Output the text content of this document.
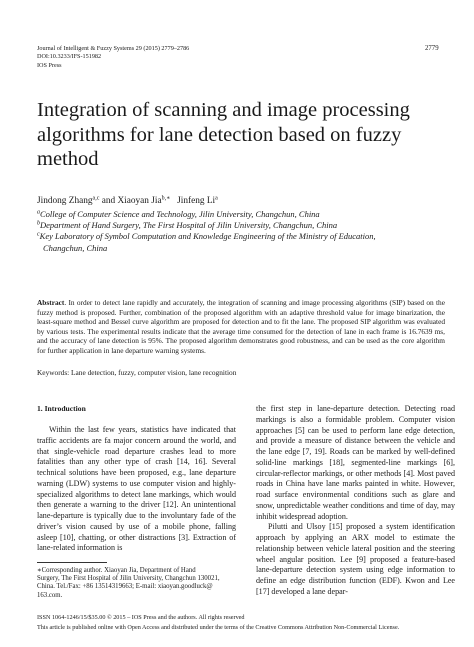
Journal of Intelligent & Fuzzy Systems 29 (2015) 2779–2786
DOI:10.3233/IFS-151982
IOS Press
2779
Integration of scanning and image processing algorithms for lane detection based on fuzzy method
Jindong Zhang$^{a,c}$ and Xiaoyan Jia$^{b,∗}$ Jinfeng Li$^a$
$^a$College of Computer Science and Technology, Jilin University, Changchun, China
$^b$Department of Hand Surgery, The First Hospital of Jilin University, Changchun, China
$^c$Key Laboratory of Symbol Computation and Knowledge Engineering of the Ministry of Education,
Changchun, China
Abstract. In order to detect lane rapidly and accurately, the integration of scanning and image processing algorithms (SIP) based on the fuzzy method is proposed. Further, combination of the proposed algorithm with an adaptive threshold value for image binarization, the least-square method and Bessel curve algorithm are proposed for detection and to fit the lane. The proposed SIP algorithm was evaluated by various tests. The experimental results indicate that the average time consumed for the detection of lane in each frame is 16.7639 ms, and the accuracy of lane detection is 95%. The proposed algorithm demonstrates good robustness, and can be used as the core algorithm for further application in lane departure warning systems.
Keywords: Lane detection, fuzzy, computer vision, lane recognition
1. Introduction

Within the last few years, statistics have indicated that traffic accidents are fa major concern around the world, and that single-vehicle road departure crashes lead to more fatalities than any other type of crash [14, 16]. Several technical solutions have been proposed, e.g., lane departure warning (LDW) systems to use computer vision and highly-specialized algorithms to detect lane markings, which would then generate a warning to the driver [12]. An unintentional lane-departure is typically due to the involuntary fade of the driver’s vision caused by use of a mobile phone, falling asleep [10], chatting, or other distractions [3]. Extraction of lane-related information is

the first step in lane-departure detection. Detecting road markings is also a formidable problem. Computer vision approaches [5] can be used to perform lane edge detection, and provide a measure of distance between the vehicle and the lane edge [7, 19]. Roads can be marked by well-defined solid-line markings [18], segmented-line markings [6], circular-reflector markings, or other methods [4]. Most paved roads in China have lane marks painted in white. However, road surface environmental conditions such as glare and snow, unpredictable weather conditions and time of day, may inhibit widespread adoption.

Pilutti and Ulsoy [15] proposed a system identification approach by applying an ARX model to estimate the relationship between vehicle lateral position and the steering wheel angular position. Lee [9] proposed a feature-based lane-departure detection system using edge information to define an edge distribution function (EDF). Kwon and Lee [17] developed a lane depar-

∗Corresponding author. Xiaoyan Jia, Department of Hand
Surgery, The First Hospital of Jilin University, Changchun 130021,
China. Tel./Fax: +86 13514319663; E-mail: xiaoyan.goodluck@
163.com.
ISSN 1064-1246/15/$35.00 © 2015 – IOS Press and the authors. All rights reserved
This article is published online with Open Access and distributed under the terms of the Creative Commons Attribution Non-Commercial License.
